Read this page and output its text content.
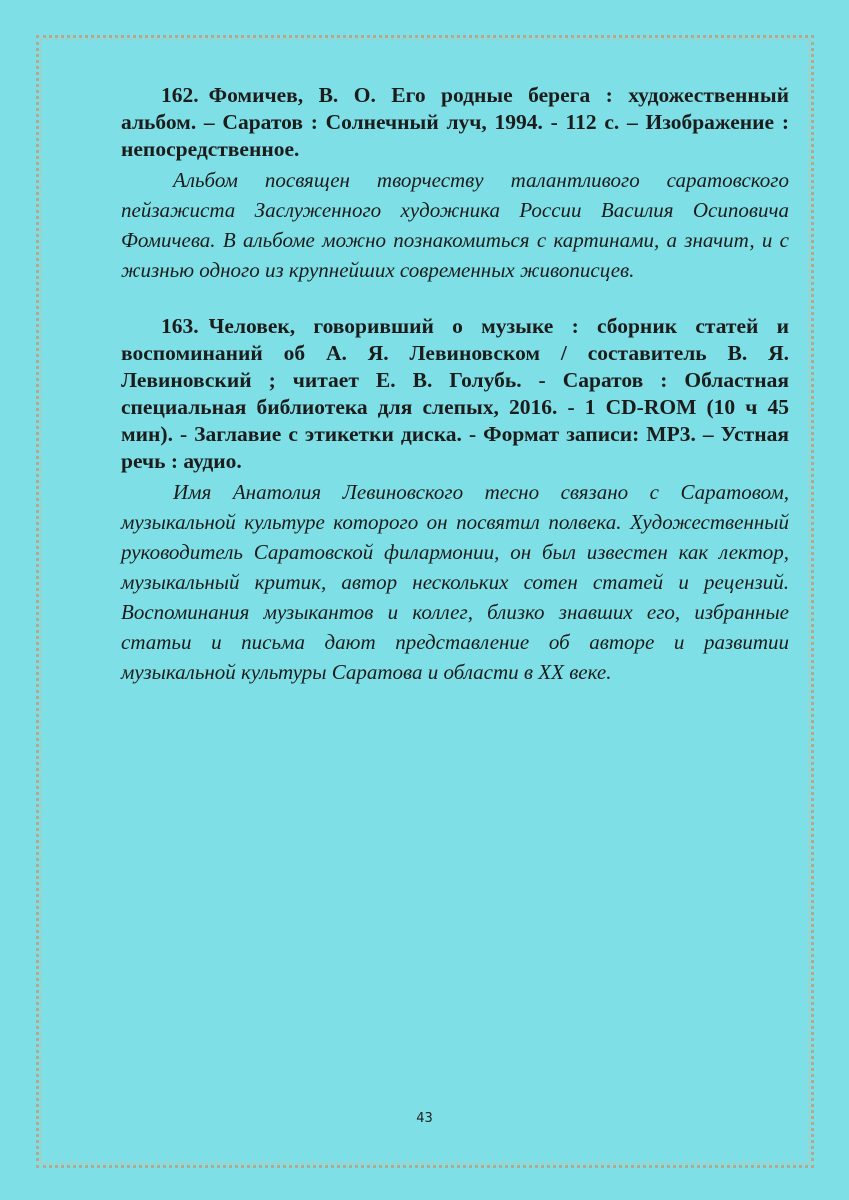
162. Фомичев, В. О. Его родные берега : художественный альбом. – Саратов : Солнечный луч, 1994. - 112 с. – Изображение : непосредственное.

Альбом посвящен творчеству талантливого саратовского пейзажиста Заслуженного художника России Василия Осиповича Фомичева. В альбоме можно познакомиться с картинами, а значит, и с жизнью одного из крупнейших современных живописцев.

163. Человек, говоривший о музыке : сборник статей и воспоминаний об А. Я. Левиновском / составитель В. Я. Левиновский ; читает Е. В. Голубь. - Саратов : Областная специальная библиотека для слепых, 2016. - 1 CD-ROM (10 ч 45 мин). - Заглавие с этикетки диска. - Формат записи: MP3. – Устная речь : аудио.

Имя Анатолия Левиновского тесно связано с Саратовом, музыкальной культуре которого он посвятил полвека. Художественный руководитель Саратовской филармонии, он был известен как лектор, музыкальный критик, автор нескольких сотен статей и рецензий. Воспоминания музыкантов и коллег, близко знавших его, избранные статьи и письма дают представление об авторе и развитии музыкальной культуры Саратова и области в XX веке.

43
